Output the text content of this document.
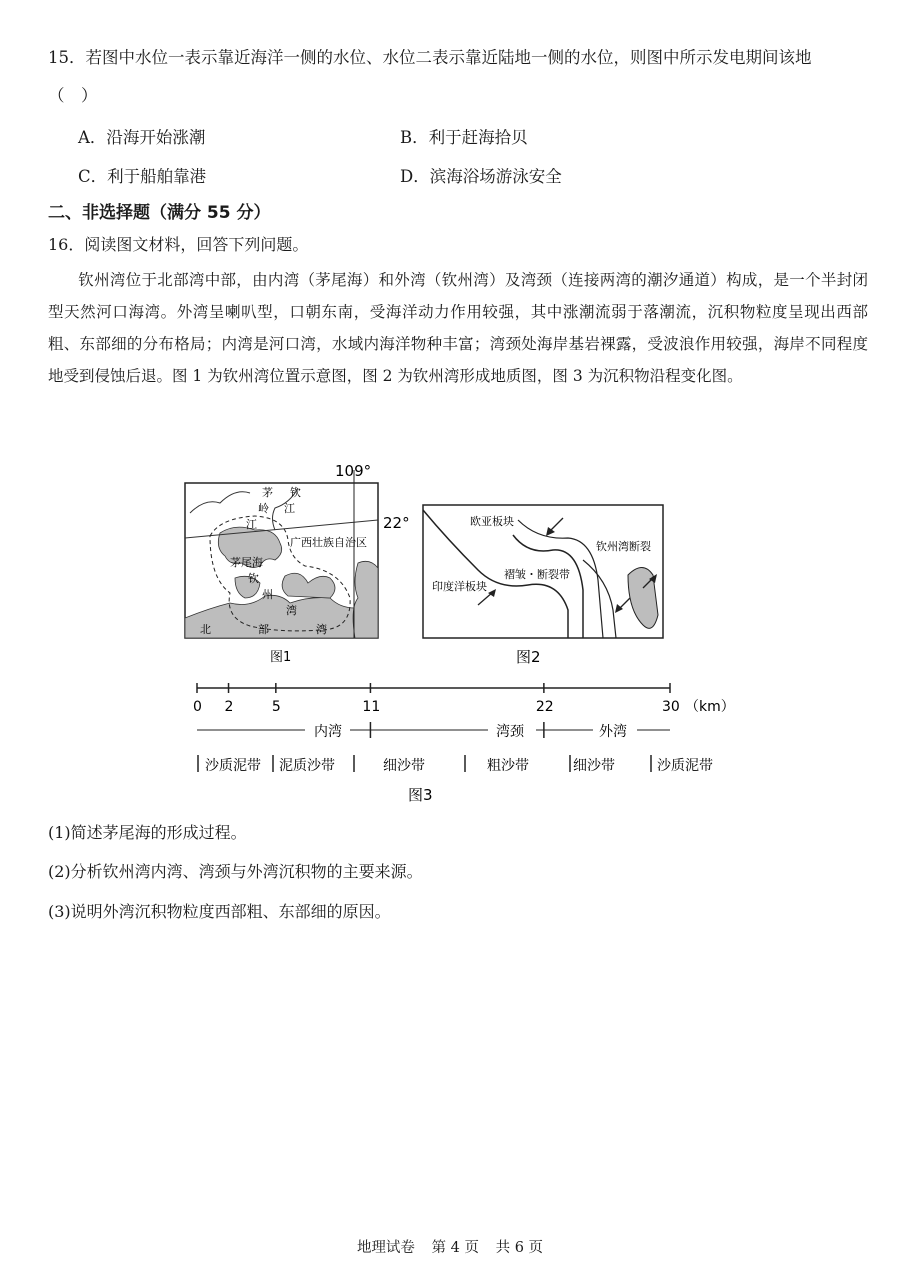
15．若图中水位一表示靠近海洋一侧的水位、水位二表示靠近陆地一侧的水位，则图中所示发电期间该地
（　）
A．沿海开始涨潮	B．利于赶海拾贝
C．利于船舶靠港	D．滨海浴场游泳安全
二、非选择题（满分 55 分）
16．阅读图文材料，回答下列问题。
钦州湾位于北部湾中部，由内湾（茅尾海）和外湾（钦州湾）及湾颈（连接两湾的潮汐通道）构成，是一个半封闭型天然河口海湾。外湾呈喇叭型，口朝东南，受海洋动力作用较强，其中涨潮流弱于落潮流，沉积物粒度呈现出西部粗、东部细的分布格局；内湾是河口湾，水域内海洋物种丰富；湾颈处海岸基岩裸露，受波浪作用较强，海岸不同程度地受到侵蚀后退。图 1 为钦州湾位置示意图，图 2 为钦州湾形成地质图，图 3 为沉积物沿程变化图。
109°
22°
茅
岭
江
钦
江
广西壮族自治区
茅尾海
钦
州
湾
北	部	湾
图1
欧亚板块
印度洋板块
褶皱・断裂带
钦州湾断裂
图2
0 2	5	11	22	30 （km）
内湾	湾颈	外湾
沙质泥带 泥质沙带	细沙带	粗沙带	细沙带	沙质泥带
图3
(1)简述茅尾海的形成过程。
(2)分析钦州湾内湾、湾颈与外湾沉积物的主要来源。
(3)说明外湾沉积物粒度西部粗、东部细的原因。
地理试卷 第 4 页 共 6 页
